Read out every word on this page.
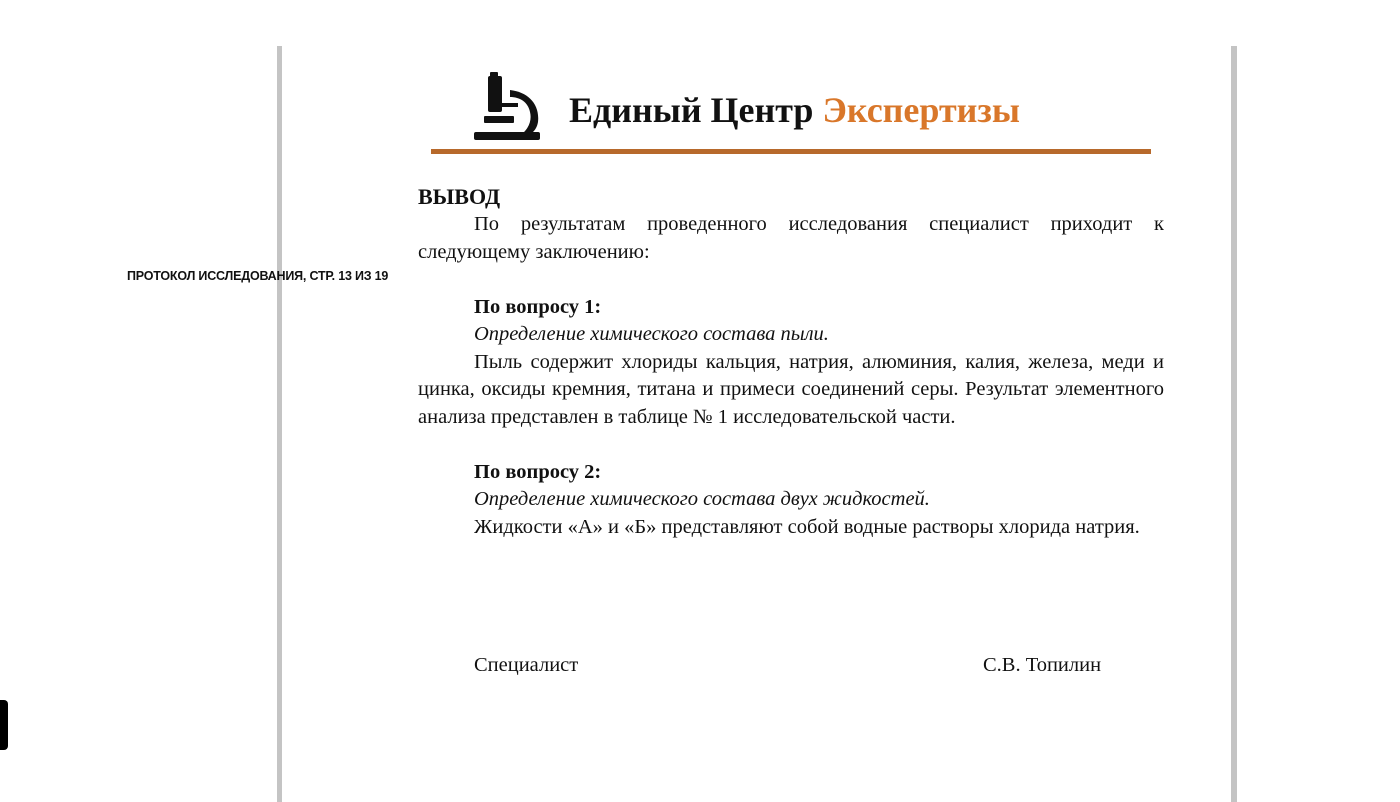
ПРОТОКОЛ ИССЛЕДОВАНИЯ, СТР. 13 ИЗ 19
Единый Центр Экспертизы

ВЫВОД

По результатам проведенного исследования специалист приходит к следующему заключению:

По вопросу 1:

Определение химического состава пыли.

Пыль содержит хлориды кальция, натрия, алюминия, калия, железа, меди и цинка, оксиды кремния, титана и примеси соединений серы. Результат элементного анализа представлен в таблице № 1 исследовательской части.

По вопросу 2:

Определение химического состава двух жидкостей.

Жидкости «А» и «Б» представляют собой водные растворы хлорида натрия.

Специалист	С.В. Топилин
